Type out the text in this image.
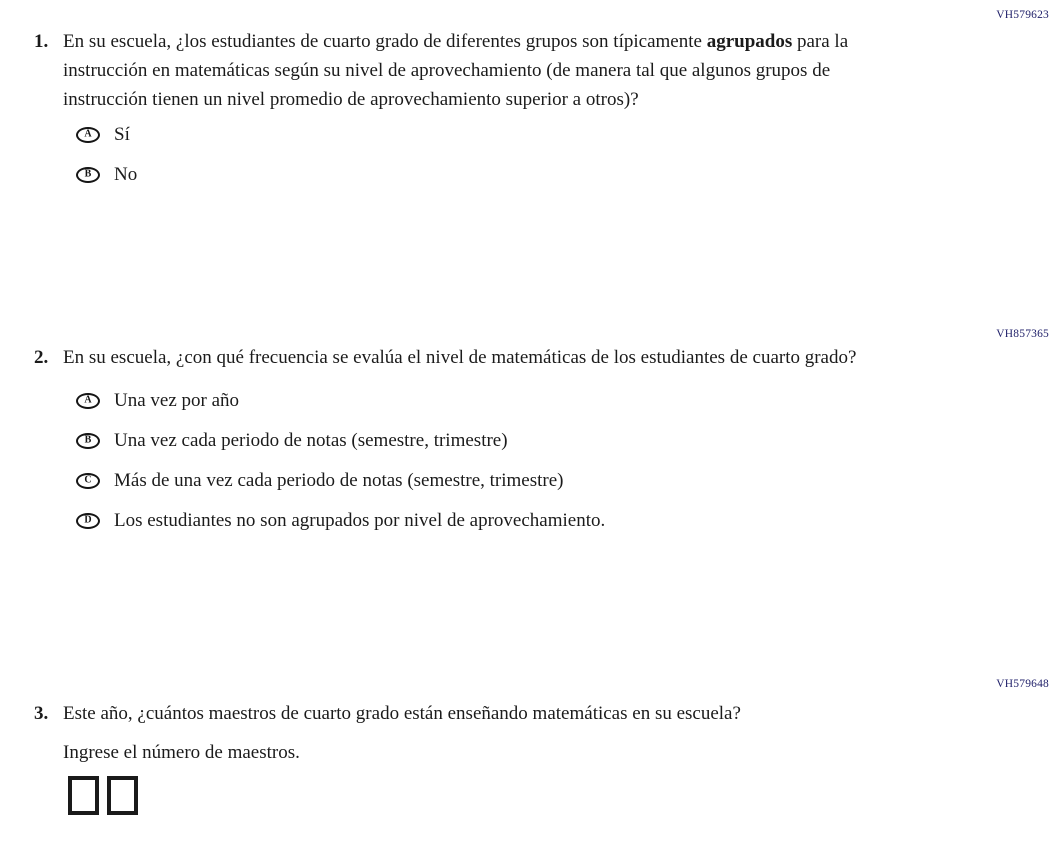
VH579623
1. En su escuela, ¿los estudiantes de cuarto grado de diferentes grupos son típicamente agrupados para la instrucción en matemáticas según su nivel de aprovechamiento (de manera tal que algunos grupos de instrucción tienen un nivel promedio de aprovechamiento superior a otros)?

A Sí
B No
VH857365
2. En su escuela, ¿con qué frecuencia se evalúa el nivel de matemáticas de los estudiantes de cuarto grado?

A Una vez por año
B Una vez cada periodo de notas (semestre, trimestre)
C Más de una vez cada periodo de notas (semestre, trimestre)
D Los estudiantes no son agrupados por nivel de aprovechamiento.
VH579648
3. Este año, ¿cuántos maestros de cuarto grado están enseñando matemáticas en su escuela?

Ingrese el número de maestros.
